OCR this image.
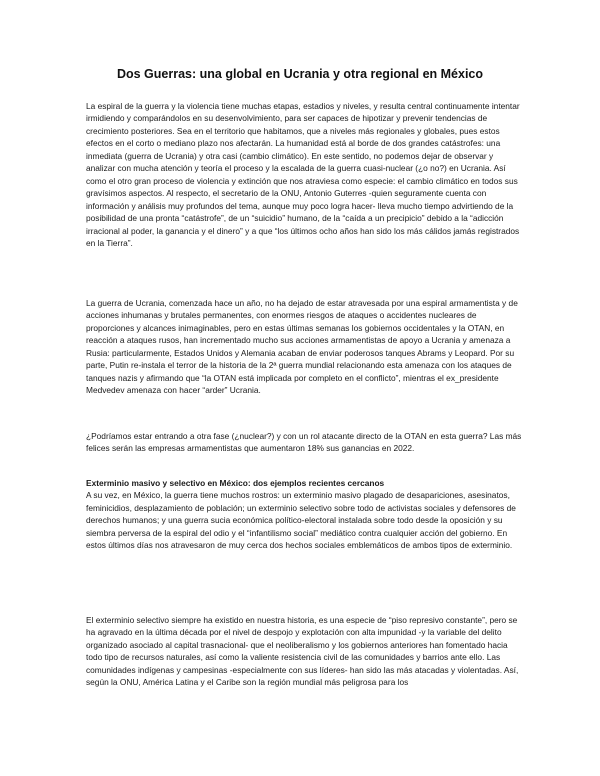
Dos Guerras: una global en Ucrania y otra regional en México
La espiral de la guerra y la violencia tiene muchas etapas, estadios y niveles, y resulta central continuamente intentar irmidiendo y comparándolos en su desenvolvimiento, para ser capaces de hipotizar y prevenir tendencias de crecimiento posteriores. Sea en el territorio que habitamos, que a niveles más regionales y globales, pues estos efectos en el corto o mediano plazo nos afectarán. La humanidad está al borde de dos grandes catástrofes: una inmediata (guerra de Ucrania) y otra casi (cambio climático). En este sentido, no podemos dejar de observar y analizar con mucha atención y teoría el proceso y la escalada de la guerra cuasi-nuclear (¿o no?) en Ucrania. Así como el otro gran proceso de violencia y extinción que nos atraviesa como especie: el cambio climático en todos sus gravísimos aspectos. Al respecto, el secretario de la ONU, Antonio Guterres -quien seguramente cuenta con información y análisis muy profundos del tema, aunque muy poco logra hacer- lleva mucho tiempo advirtiendo de la posibilidad de una pronta “catástrofe”, de un “suicidio” humano, de la “caída a un precipicio” debido a la “adicción irracional al poder, la ganancia y el dinero” y a que “los últimos ocho años han sido los más cálidos jamás registrados en la Tierra”.
La guerra de Ucrania, comenzada hace un año, no ha dejado de estar atravesada por una espiral armamentista y de acciones inhumanas y brutales permanentes, con enormes riesgos de ataques o accidentes nucleares de proporciones y alcances inimaginables, pero en estas últimas semanas los gobiernos occidentales y la OTAN, en reacción a ataques rusos, han incrementado mucho sus acciones armamentistas de apoyo a Ucrania y amenaza a Rusia: particularmente, Estados Unidos y Alemania acaban de enviar poderosos tanques Abrams y Leopard. Por su parte, Putin re-instala el terror de la historia de la 2ª guerra mundial relacionando esta amenaza con los ataques de tanques nazis y afirmando que “la OTAN está implicada por completo en el conflicto”, mientras el ex_presidente Medvedev amenaza con hacer “arder” Ucrania.
¿Podríamos estar entrando a otra fase (¿nuclear?) y con un rol atacante directo de la OTAN en esta guerra? Las más felices serán las empresas armamentistas que aumentaron 18% sus ganancias en 2022.
Exterminio masivo y selectivo en México: dos ejemplos recientes cercanos
A su vez, en México, la guerra tiene muchos rostros: un exterminio masivo plagado de desapariciones, asesinatos, feminicidios, desplazamiento de población; un exterminio selectivo sobre todo de activistas sociales y defensores de derechos humanos; y una guerra sucia económica político-electoral instalada sobre todo desde la oposición y su siembra perversa de la espiral del odio y el “infantilismo social” mediático contra cualquier acción del gobierno. En estos últimos días nos atravesaron de muy cerca dos hechos sociales emblemáticos de ambos tipos de exterminio.
El exterminio selectivo siempre ha existido en nuestra historia, es una especie de “piso represivo constante”, pero se ha agravado en la última década por el nivel de despojo y explotación con alta impunidad -y la variable del delito organizado asociado al capital trasnacional- que el neoliberalismo y los gobiernos anteriores han fomentado hacia todo tipo de recursos naturales, así como la valiente resistencia civil de las comunidades y barrios ante ello. Las comunidades indígenas y campesinas -especialmente con sus líderes- han sido las más atacadas y violentadas. Así, según la ONU, América Latina y el Caribe son la región mundial más peligrosa para los
